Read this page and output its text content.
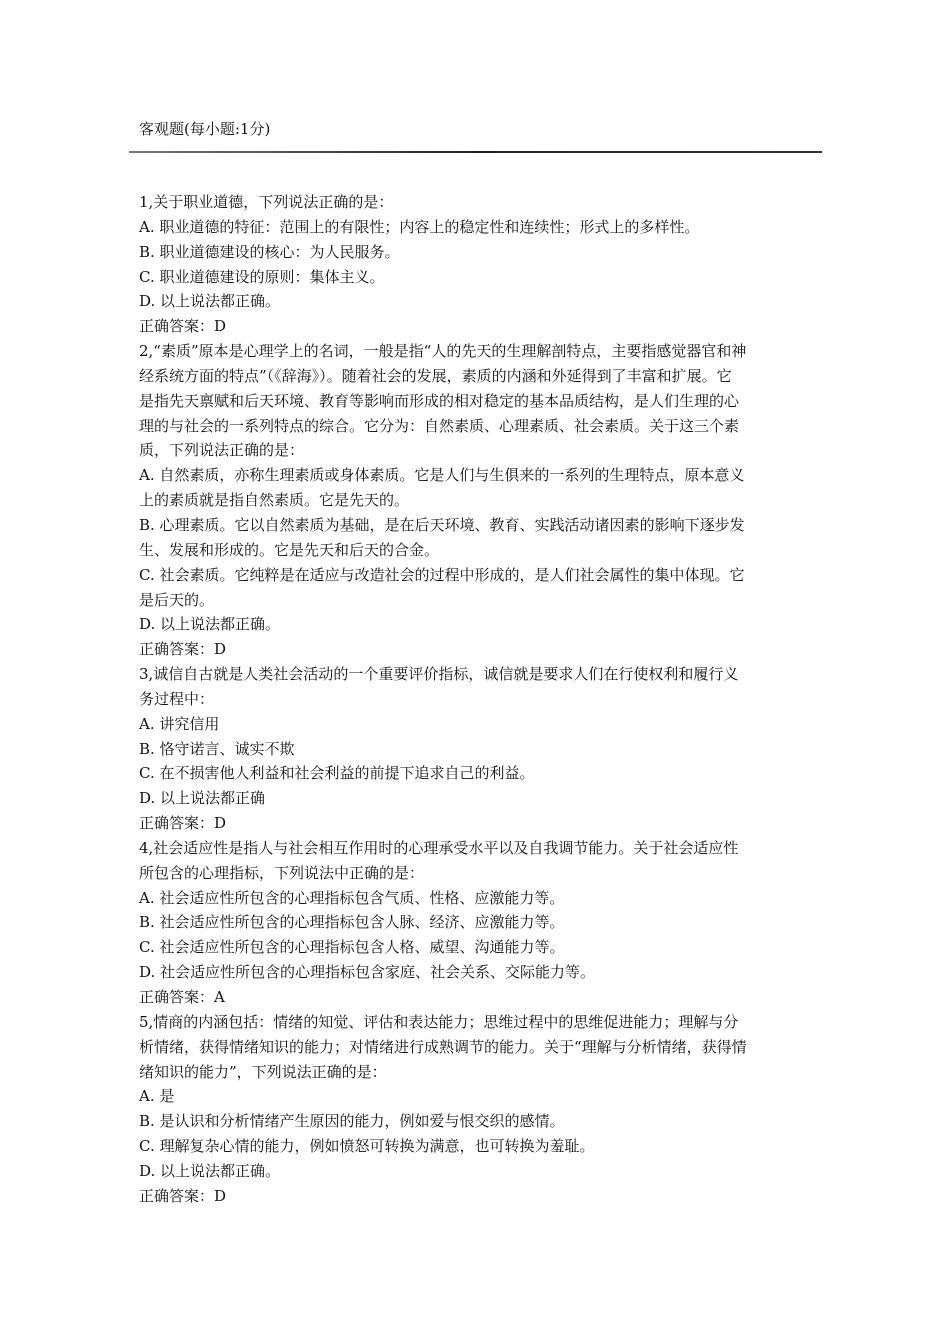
客观题(每小题:1分)
1,关于职业道德，下列说法正确的是：
A. 职业道德的特征：范围上的有限性；内容上的稳定性和连续性；形式上的多样性。
B. 职业道德建设的核心：为人民服务。
C. 职业道德建设的原则：集体主义。
D. 以上说法都正确。
正确答案：D
2,“素质”原本是心理学上的名词，一般是指“人的先天的生理解剖特点，主要指感觉器官和神
经系统方面的特点”（《辞海》）。随着社会的发展，素质的内涵和外延得到了丰富和扩展。它
是指先天禀赋和后天环境、教育等影响而形成的相对稳定的基本品质结构，是人们生理的心
理的与社会的一系列特点的综合。它分为：自然素质、心理素质、社会素质。关于这三个素
质，下列说法正确的是：
A. 自然素质，亦称生理素质或身体素质。它是人们与生俱来的一系列的生理特点，原本意义
上的素质就是指自然素质。它是先天的。
B. 心理素质。它以自然素质为基础，是在后天环境、教育、实践活动诸因素的影响下逐步发
生、发展和形成的。它是先天和后天的合金。
C. 社会素质。它纯粹是在适应与改造社会的过程中形成的，是人们社会属性的集中体现。它
是后天的。
D. 以上说法都正确。
正确答案：D
3,诚信自古就是人类社会活动的一个重要评价指标，诚信就是要求人们在行使权利和履行义
务过程中：
A. 讲究信用
B. 恪守诺言、诚实不欺
C. 在不损害他人利益和社会利益的前提下追求自己的利益。
D. 以上说法都正确
正确答案：D
4,社会适应性是指人与社会相互作用时的心理承受水平以及自我调节能力。关于社会适应性
所包含的心理指标，下列说法中正确的是：
A. 社会适应性所包含的心理指标包含气质、性格、应激能力等。
B. 社会适应性所包含的心理指标包含人脉、经济、应激能力等。
C. 社会适应性所包含的心理指标包含人格、威望、沟通能力等。
D. 社会适应性所包含的心理指标包含家庭、社会关系、交际能力等。
正确答案：A
5,情商的内涵包括：情绪的知觉、评估和表达能力；思维过程中的思维促进能力；理解与分
析情绪，获得情绪知识的能力；对情绪进行成熟调节的能力。关于“理解与分析情绪，获得情
绪知识的能力”，下列说法正确的是：
A. 是
B. 是认识和分析情绪产生原因的能力，例如爱与恨交织的感情。
C. 理解复杂心情的能力，例如愤怒可转换为满意，也可转换为羞耻。
D. 以上说法都正确。
正确答案：D
